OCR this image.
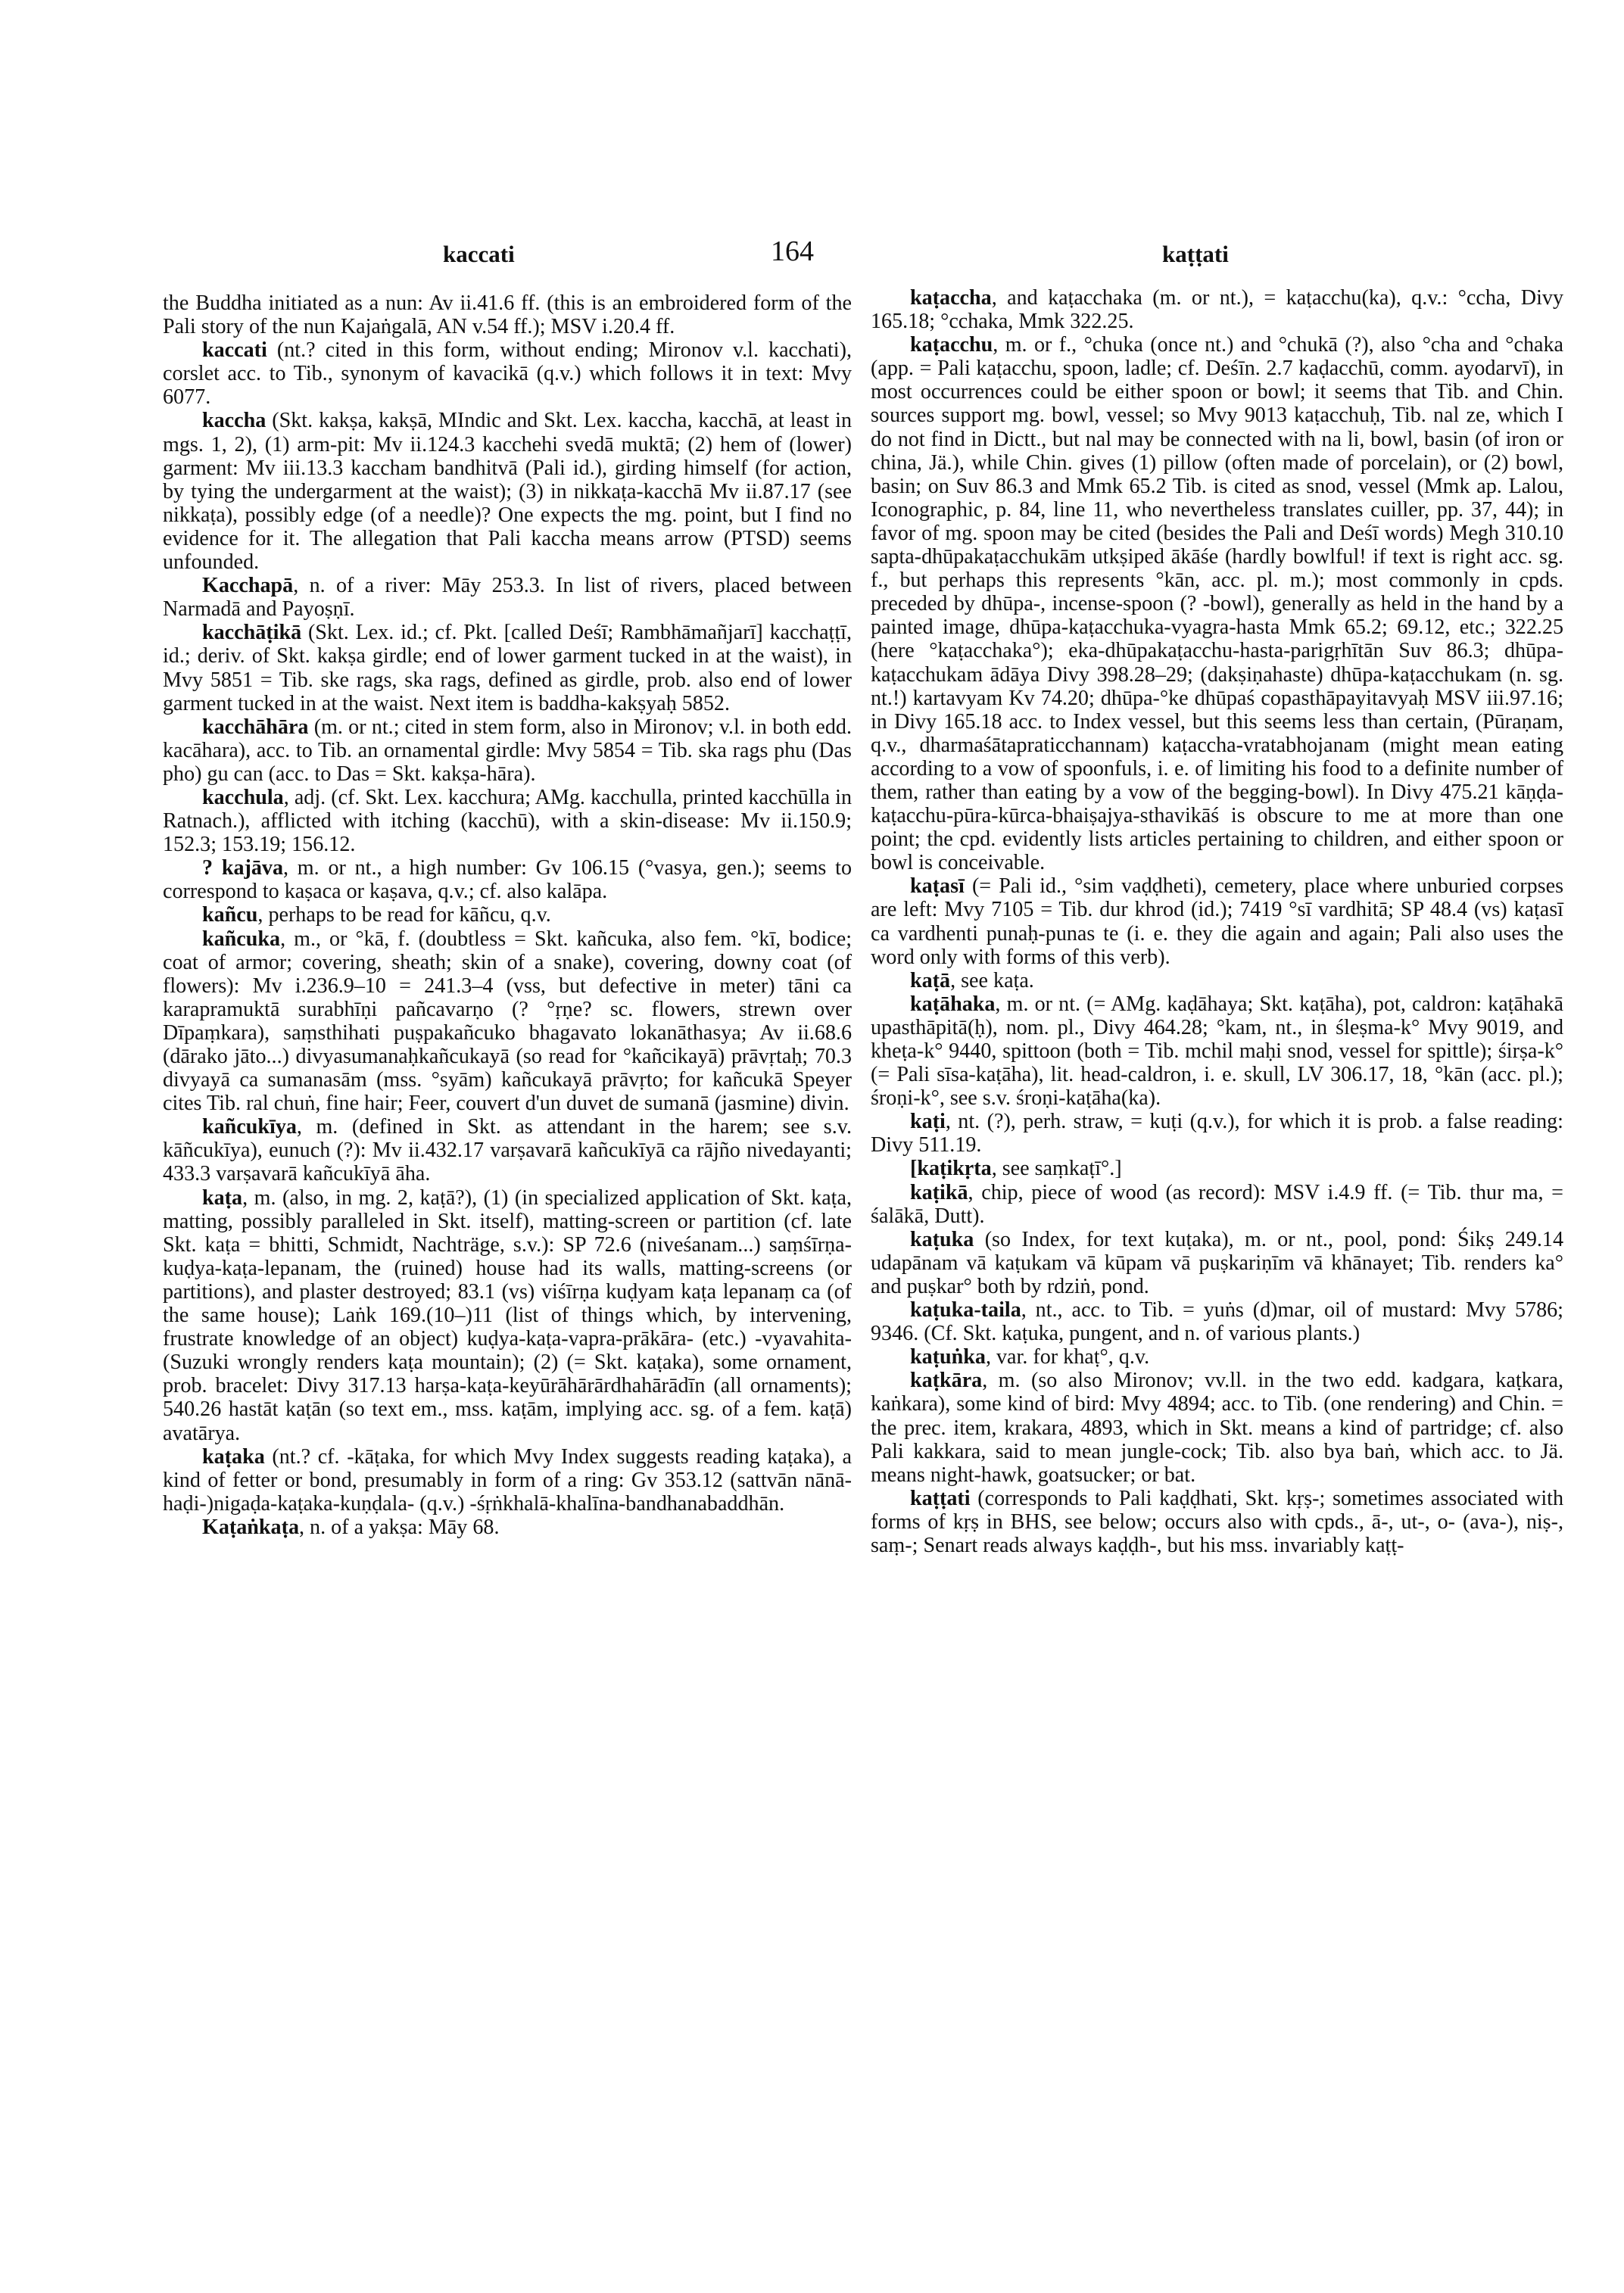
kaccati	164	kaṭṭati

the Buddha initiated as a nun: Av ii.41.6 ff. (this is an embroidered form of the Pali story of the nun Kajaṅgalā, AN v.54 ff.); MSV i.20.4 ff.

kaccati (nt.? cited in this form, without ending; Mironov v.l. kacchati), corslet acc. to Tib., synonym of kavacikā (q.v.) which follows it in text: Mvy 6077.

kaccha (Skt. kakṣa, kakṣā, MIndic and Skt. Lex. kaccha, kacchā, at least in mgs. 1, 2), (1) arm-pit: Mv ii.124.3 kacchehi svedā muktā; (2) hem of (lower) garment: Mv iii.13.3 kaccham bandhitvā (Pali id.), girding himself (for action, by tying the undergarment at the waist); (3) in nikkaṭa-kacchā Mv ii.87.17 (see nikkaṭa), possibly edge (of a needle)? One expects the mg. point, but I find no evidence for it. The allegation that Pali kaccha means arrow (PTSD) seems unfounded.

Kacchapā, n. of a river: Māy 253.3. In list of rivers, placed between Narmadā and Payoṣṇī.

kacchāṭikā (Skt. Lex. id.; cf. Pkt. [called Deśī; Rambhāmañjarī] kacchaṭṭī, id.; deriv. of Skt. kakṣa girdle; end of lower garment tucked in at the waist), in Mvy 5851 = Tib. ske rags, ska rags, defined as girdle, prob. also end of lower garment tucked in at the waist. Next item is baddha-kakṣyaḥ 5852.

kacchāhāra (m. or nt.; cited in stem form, also in Mironov; v.l. in both edd. kacāhara), acc. to Tib. an ornamental girdle: Mvy 5854 = Tib. ska rags phu (Das pho) gu can (acc. to Das = Skt. kakṣa-hāra).

kacchula, adj. (cf. Skt. Lex. kacchura; AMg. kacchulla, printed kacchūlla in Ratnach.), afflicted with itching (kacchū), with a skin-disease: Mv ii.150.9; 152.3; 153.19; 156.12.

? kajāva, m. or nt., a high number: Gv 106.15 (°vasya, gen.); seems to correspond to kaṣaca or kaṣava, q.v.; cf. also kalāpa.

kañcu, perhaps to be read for kāñcu, q.v.

kañcuka, m., or °kā, f. (doubtless = Skt. kañcuka, also fem. °kī, bodice; coat of armor; covering, sheath; skin of a snake), covering, downy coat (of flowers): Mv i.236.9–10 = 241.3–4 (vss, but defective in meter) tāni ca karapramuktā surabhīṇi pañcavarṇo (? °ṛṇe? sc. flowers, strewn over Dīpaṃkara), saṃsthihati puṣpakañcuko bhagavato lokanāthasya; Av ii.68.6 (dārako jāto...) divyasumanaḥkañcukayā (so read for °kañcikayā) prāvṛtaḥ; 70.3 divyayā ca sumanasām (mss. °syām) kañcukayā prāvṛto; for kañcukā Speyer cites Tib. ral chuṅ, fine hair; Feer, couvert d'un duvet de sumanā (jasmine) divin.

kañcukīya, m. (defined in Skt. as attendant in the harem; see s.v. kāñcukīya), eunuch (?): Mv ii.432.17 varṣavarā kañcukīyā ca rājño nivedayanti; 433.3 varṣavarā kañcukīyā āha.

kaṭa, m. (also, in mg. 2, kaṭā?), (1) (in specialized application of Skt. kaṭa, matting, possibly paralleled in Skt. itself), matting-screen or partition (cf. late Skt. kaṭa = bhitti, Schmidt, Nachträge, s.v.): SP 72.6 (niveśanam...) saṃśīrṇa-kuḍya-kaṭa-lepanam, the (ruined) house had its walls, matting-screens (or partitions), and plaster destroyed; 83.1 (vs) viśīrṇa kuḍyam kaṭa lepanaṃ ca (of the same house); Laṅk 169.(10–)11 (list of things which, by intervening, frustrate knowledge of an object) kuḍya-kaṭa-vapra-prākāra- (etc.) -vyavahita- (Suzuki wrongly renders kaṭa mountain); (2) (= Skt. kaṭaka), some ornament, prob. bracelet: Divy 317.13 harṣa-kaṭa-keyūrāhārārdhahārādīn (all ornaments); 540.26 hastāt kaṭān (so text em., mss. kaṭām, implying acc. sg. of a fem. kaṭā) avatārya.

kaṭaka (nt.? cf. -kāṭaka, for which Mvy Index suggests reading kaṭaka), a kind of fetter or bond, presumably in form of a ring: Gv 353.12 (sattvān nānā-haḍi-)nigaḍa-kaṭaka-kuṇḍala- (q.v.) -śṛṅkhalā-khalīna-bandhanabaddhān.

Kaṭaṅkaṭa, n. of a yakṣa: Māy 68.

kaṭaccha, and kaṭacchaka (m. or nt.), = kaṭacchu(ka), q.v.: °ccha, Divy 165.18; °cchaka, Mmk 322.25.

kaṭacchu, m. or f., °chuka (once nt.) and °chukā (?), also °cha and °chaka (app. = Pali kaṭacchu, spoon, ladle; cf. Deśīn. 2.7 kaḍacchū, comm. ayodarvī), in most occurrences could be either spoon or bowl; it seems that Tib. and Chin. sources support mg. bowl, vessel; so Mvy 9013 kaṭacchuḥ, Tib. nal ze, which I do not find in Dictt., but nal may be connected with na li, bowl, basin (of iron or china, Jä.), while Chin. gives (1) pillow (often made of porcelain), or (2) bowl, basin; on Suv 86.3 and Mmk 65.2 Tib. is cited as snod, vessel (Mmk ap. Lalou, Iconographic, p. 84, line 11, who nevertheless translates cuiller, pp. 37, 44); in favor of mg. spoon may be cited (besides the Pali and Deśī words) Megh 310.10 sapta-dhūpakaṭacchukām utkṣiped ākāśe (hardly bowlful! if text is right acc. sg. f., but perhaps this represents °kān, acc. pl. m.); most commonly in cpds. preceded by dhūpa-, incense-spoon (? -bowl), generally as held in the hand by a painted image, dhūpa-kaṭacchuka-vyagra-hasta Mmk 65.2; 69.12, etc.; 322.25 (here °kaṭacchaka°); eka-dhūpakaṭacchu-hasta-parigṛhītān Suv 86.3; dhūpa-kaṭacchukam ādāya Divy 398.28–29; (dakṣiṇahaste) dhūpa-kaṭacchukam (n. sg. nt.!) kartavyam Kv 74.20; dhūpa-°ke dhūpaś copasthāpayitavyaḥ MSV iii.97.16; in Divy 165.18 acc. to Index vessel, but this seems less than certain, (Pūraṇam, q.v., dharmaśātapraticchannam) kaṭaccha-vratabhojanam (might mean eating according to a vow of spoonfuls, i. e. of limiting his food to a definite number of them, rather than eating by a vow of the begging-bowl). In Divy 475.21 kāṇḍa-kaṭacchu-pūra-kūrca-bhaiṣajya-sthavikāś is obscure to me at more than one point; the cpd. evidently lists articles pertaining to children, and either spoon or bowl is conceivable.

kaṭasī (= Pali id., °sim vaḍḍheti), cemetery, place where unburied corpses are left: Mvy 7105 = Tib. dur khrod (id.); 7419 °sī vardhitā; SP 48.4 (vs) kaṭasī ca vardhenti punaḥ-punas te (i. e. they die again and again; Pali also uses the word only with forms of this verb).

kaṭā, see kaṭa.

kaṭāhaka, m. or nt. (= AMg. kaḍāhaya; Skt. kaṭāha), pot, caldron: kaṭāhakā upasthāpitā(ḥ), nom. pl., Divy 464.28; °kam, nt., in śleṣma-k° Mvy 9019, and kheṭa-k° 9440, spittoon (both = Tib. mchil maḥi snod, vessel for spittle); śirṣa-k° (= Pali sīsa-kaṭāha), lit. head-caldron, i. e. skull, LV 306.17, 18, °kān (acc. pl.); śroṇi-k°, see s.v. śroṇi-kaṭāha(ka).

kaṭi, nt. (?), perh. straw, = kuṭi (q.v.), for which it is prob. a false reading: Divy 511.19.

[kaṭikṛta, see saṃkaṭī°.]

kaṭikā, chip, piece of wood (as record): MSV i.4.9 ff. (= Tib. thur ma, = śalākā, Dutt).

kaṭuka (so Index, for text kuṭaka), m. or nt., pool, pond: Śikṣ 249.14 udapānam vā kaṭukam vā kūpam vā puṣkariṇīm vā khānayet; Tib. renders ka° and puṣkar° both by rdziṅ, pond.

kaṭuka-taila, nt., acc. to Tib. = yuṅs (d)mar, oil of mustard: Mvy 5786; 9346. (Cf. Skt. kaṭuka, pungent, and n. of various plants.)

kaṭuṅka, var. for khaṭ°, q.v.

kaṭkāra, m. (so also Mironov; vv.ll. in the two edd. kadgara, kaṭkara, kaṅkara), some kind of bird: Mvy 4894; acc. to Tib. (one rendering) and Chin. = the prec. item, krakara, 4893, which in Skt. means a kind of partridge; cf. also Pali kakkara, said to mean jungle-cock; Tib. also bya baṅ, which acc. to Jä. means night-hawk, goatsucker; or bat.

kaṭṭati (corresponds to Pali kaḍḍhati, Skt. kṛṣ-; sometimes associated with forms of kṛṣ in BHS, see below; occurs also with cpds., ā-, ut-, o- (ava-), niṣ-, saṃ-; Senart reads always kaḍḍh-, but his mss. invariably kaṭṭ-
